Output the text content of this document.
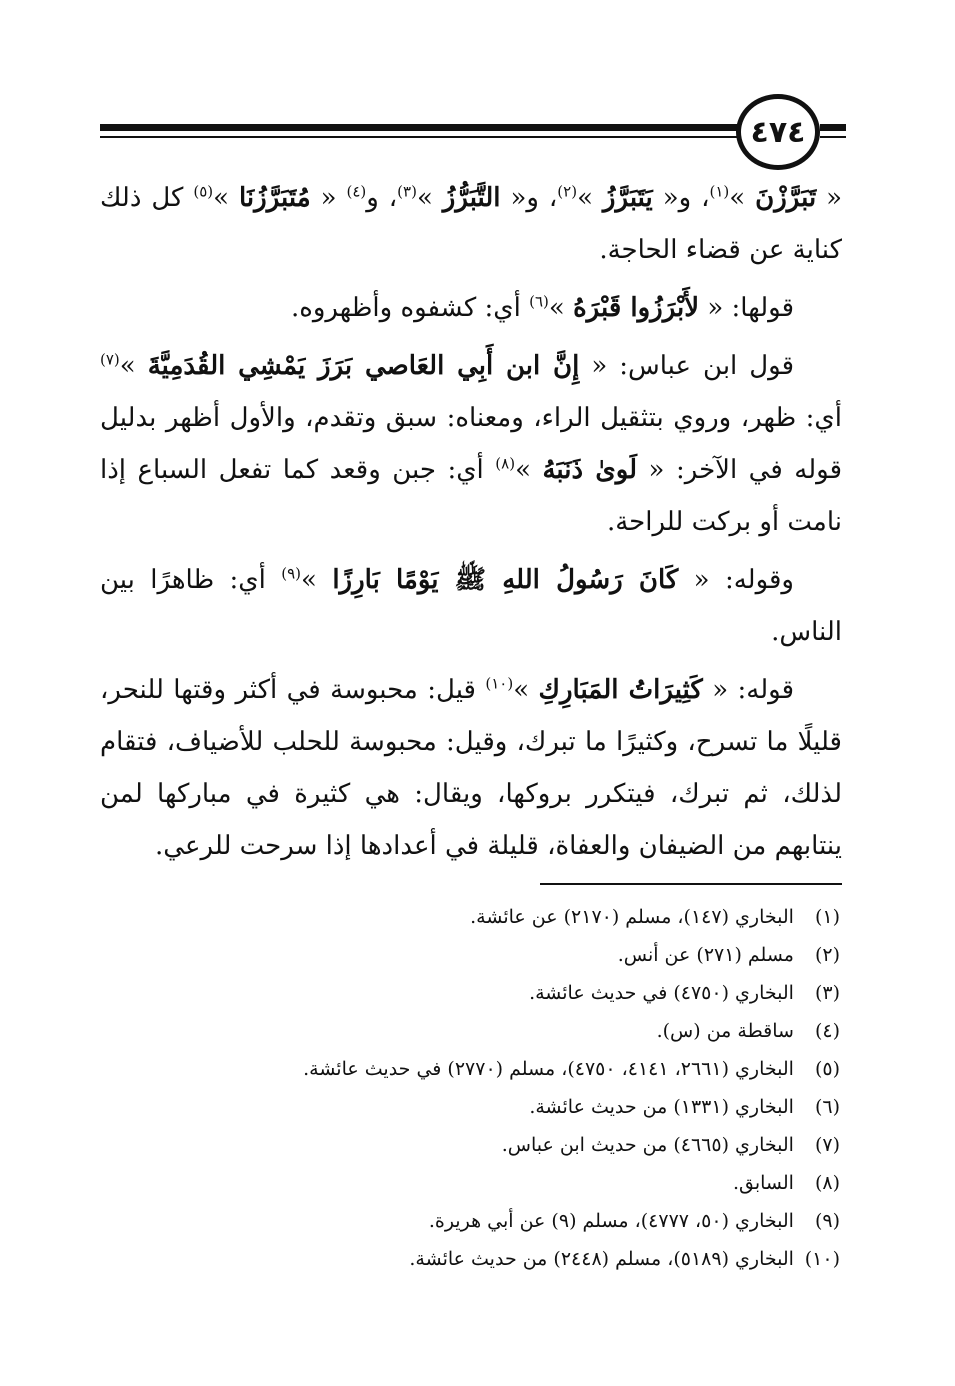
٤٧٤

« تَبَرَّزْنَ »$^{(١)}$، و« يَتَبَرَّزُ »$^{(٢)}$، و« التَّبَرُّزُ »$^{(٣)}$، و$^{(٤)}$ « مُتَبَرَّزُنَا »$^{(٥)}$ كل ذلك كناية عن قضاء الحاجة.

قولها: « لأَبْرَزُوا قَبْرَهُ »$^{(٦)}$ أي: كشفوه وأظهروه.

قول ابن عباس: « إِنَّ ابن أَبِي العَاصي بَرَزَ يَمْشِي القُدَمِيَّةَ »$^{(٧)}$ أي: ظهر، وروي بتثقيل الراء، ومعناه: سبق وتقدم، والأول أظهر بدليل قوله في الآخر: « لَوىٰ ذَنَبَهُ »$^{(٨)}$ أي: جبن وقعد كما تفعل السباع إذا نامت أو بركت للراحة.

وقوله: « كَانَ رَسُولُ اللهِ ﷺ يَوْمًا بَارِزًا »$^{(٩)}$ أي: ظاهرًا بين الناس.

قوله: « كَثِيرَاتُ المَبَارِكِ »$^{(١٠)}$ قيل: محبوسة في أكثر وقتها للنحر، قليلًا ما تسرح، وكثيرًا ما تبرك، وقيل: محبوسة للحلب للأضياف، فتقام لذلك، ثم تبرك، فيتكرر بروكها، ويقال: هي كثيرة في مباركها لمن ينتابهم من الضيفان والعفاة، قليلة في أعدادها إذا سرحت للرعي.

(١) البخاري (١٤٧)، مسلم (٢١٧٠) عن عائشة.
(٢) مسلم (٢٧١) عن أنس.
(٣) البخاري (٤٧٥٠) في حديث عائشة.
(٤) ساقطة من (س).
(٥) البخاري (٢٦٦١، ٤١٤١، ٤٧٥٠)، مسلم (٢٧٧٠) في حديث عائشة.
(٦) البخاري (١٣٣١) من حديث عائشة.
(٧) البخاري (٤٦٦٥) من حديث ابن عباس.
(٨) السابق.
(٩) البخاري (٥٠، ٤٧٧٧)، مسلم (٩) عن أبي هريرة.
(١٠) البخاري (٥١٨٩)، مسلم (٢٤٤٨) من حديث عائشة.
